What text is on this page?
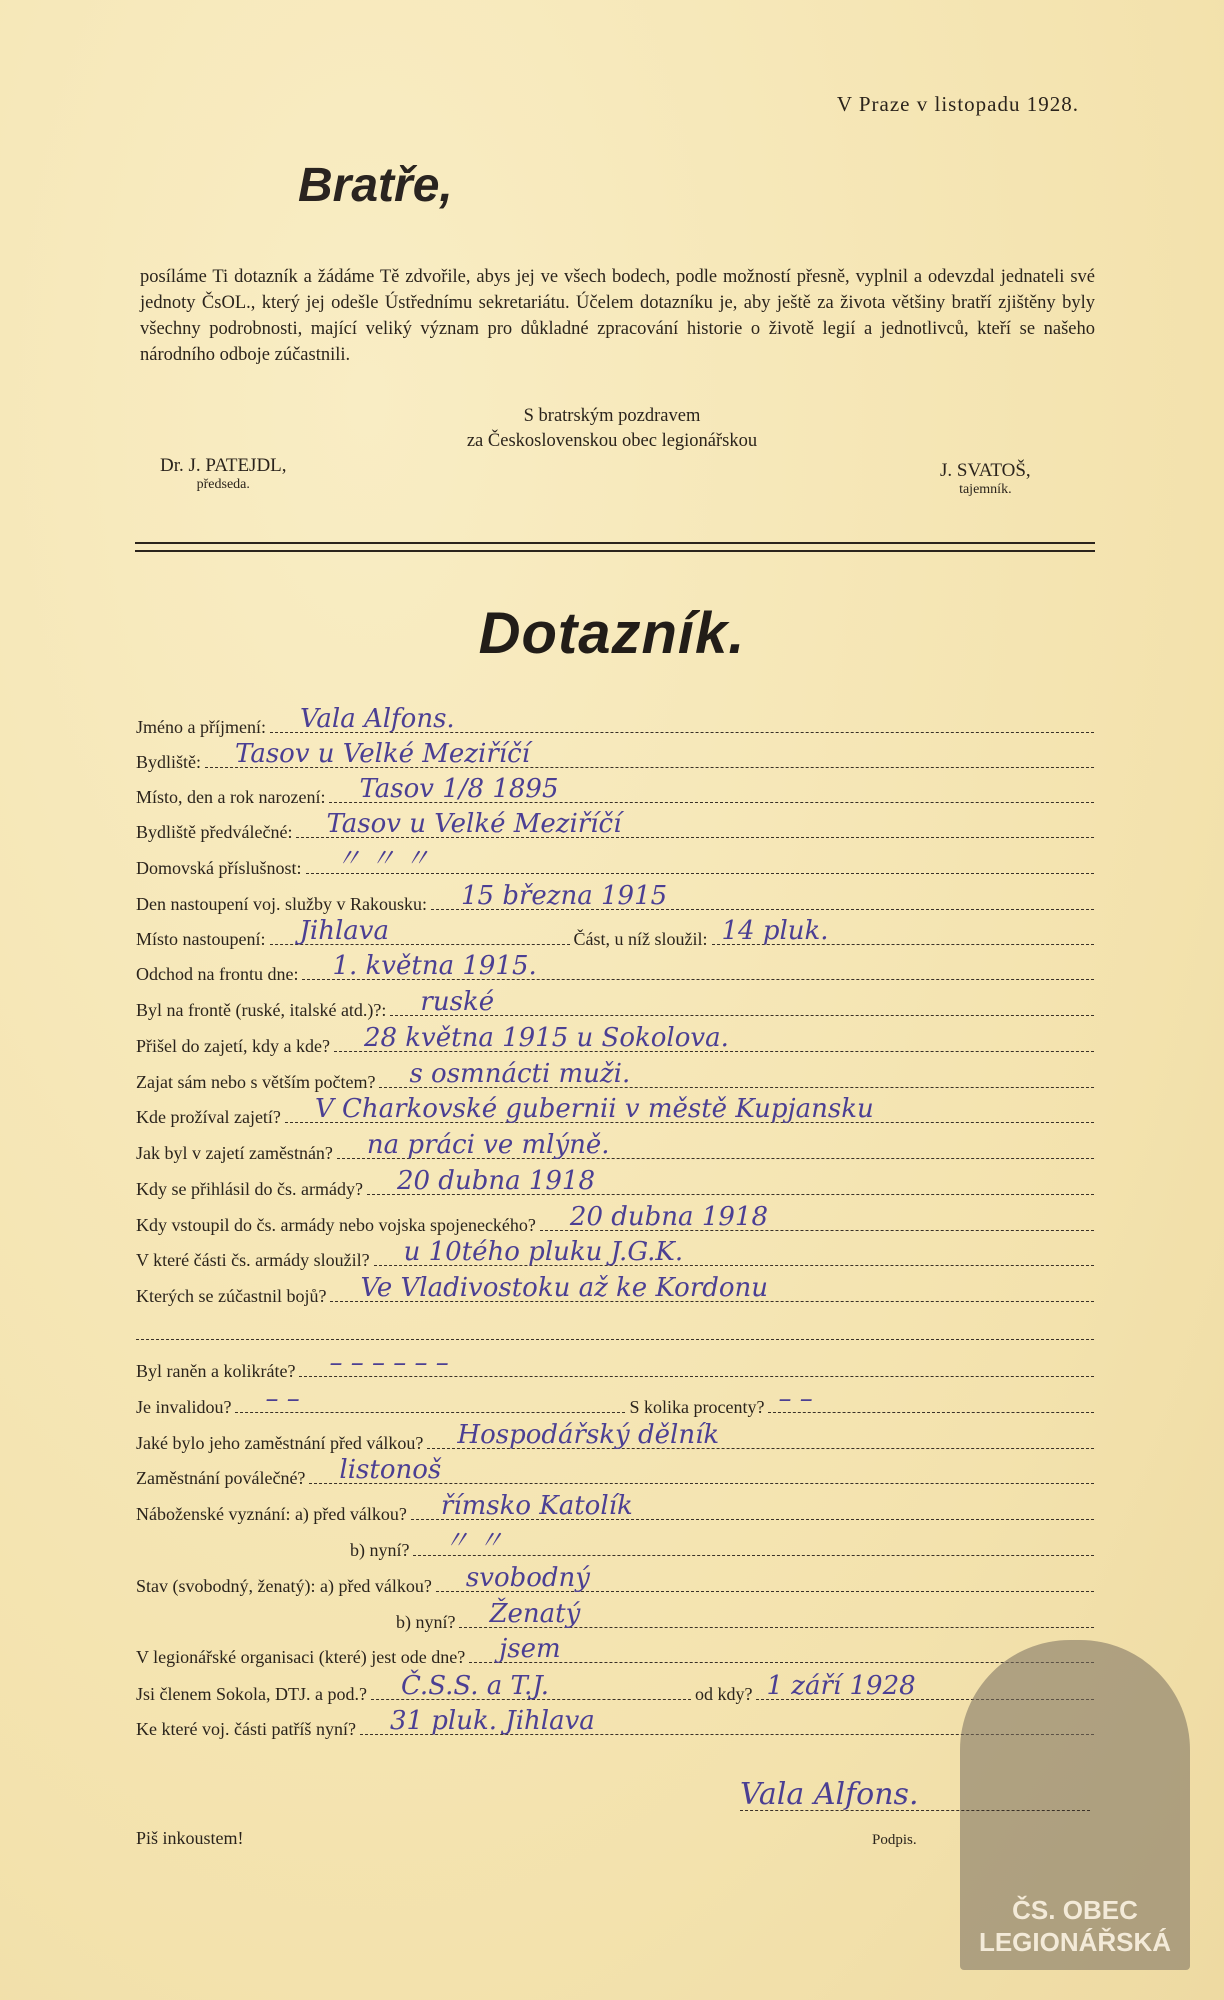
V Praze v listopadu 1928.
Bratře,
posíláme Ti dotazník a žádáme Tě zdvořile, abys jej ve všech bodech, podle možností přesně, vyplnil a odevzdal jednateli své jednoty ČsOL., který jej odešle Ústřednímu sekretariátu. Účelem dotazníku je, aby ještě za života většiny bratří zjištěny byly všechny podrobnosti, mající veliký význam pro důkladné zpracování historie o životě legií a jednotlivců, kteří se našeho národního odboje zúčastnili.
S bratrským pozdravem
za Československou obec legionářskou
Dr. J. PATEJDL,
předseda.
J. SVATOŠ,
tajemník.
Dotazník.
Jméno a příjmení: Vala Alfons.
Bydliště: Tasov u Velké Meziříčí
Místo, den a rok narození: Tasov 1/8 1895
Bydliště předválečné: Tasov u Velké Meziříčí
Domovská příslušnost: 〃 〃 〃
Den nastoupení voj. služby v Rakousku: 15 března 1915
Místo nastoupení: Jihlava	Část, u níž sloužil: 14 pluk.
Odchod na frontu dne: 1. května 1915.
Byl na frontě (ruské, italské atd.)?: ruské
Přišel do zajetí, kdy a kde? 28 května 1915 u Sokolova.
Zajat sám nebo s větším počtem? s osmnácti muži.
Kde prožíval zajetí? V Charkovské gubernii v městě Kupjansku
Jak byl v zajetí zaměstnán? na práci ve mlýně.
Kdy se přihlásil do čs. armády? 20 dubna 1918
Kdy vstoupil do čs. armády nebo vojska spojeneckého? 20 dubna 1918
V které části čs. armády sloužil? u 10tého pluku J.G.K.
Kterých se zúčastnil bojů? Ve Vladivostoku až ke Kordonu
Byl raněn a kolikráte? – – – – – –
Je invalidou? – –	S kolika procenty? – –
Jaké bylo jeho zaměstnání před válkou? Hospodářský dělník
Zaměstnání poválečné? listonoš
Náboženské vyznání: a) před válkou? římsko Katolík
b) nyní? 〃 〃
Stav (svobodný, ženatý): a) před válkou? svobodný
b) nyní? Ženatý
V legionářské organisaci (které) jest ode dne? jsem
Jsi členem Sokola, DTJ. a pod.? Č.S.S. a T.J.	od kdy? 1 září 1928
Ke které voj. části patříš nyní? 31 pluk. Jihlava
ČS. OBEC LEGIONÁŘSKÁ
Vala Alfons.
Piš inkoustem!	Podpis.
